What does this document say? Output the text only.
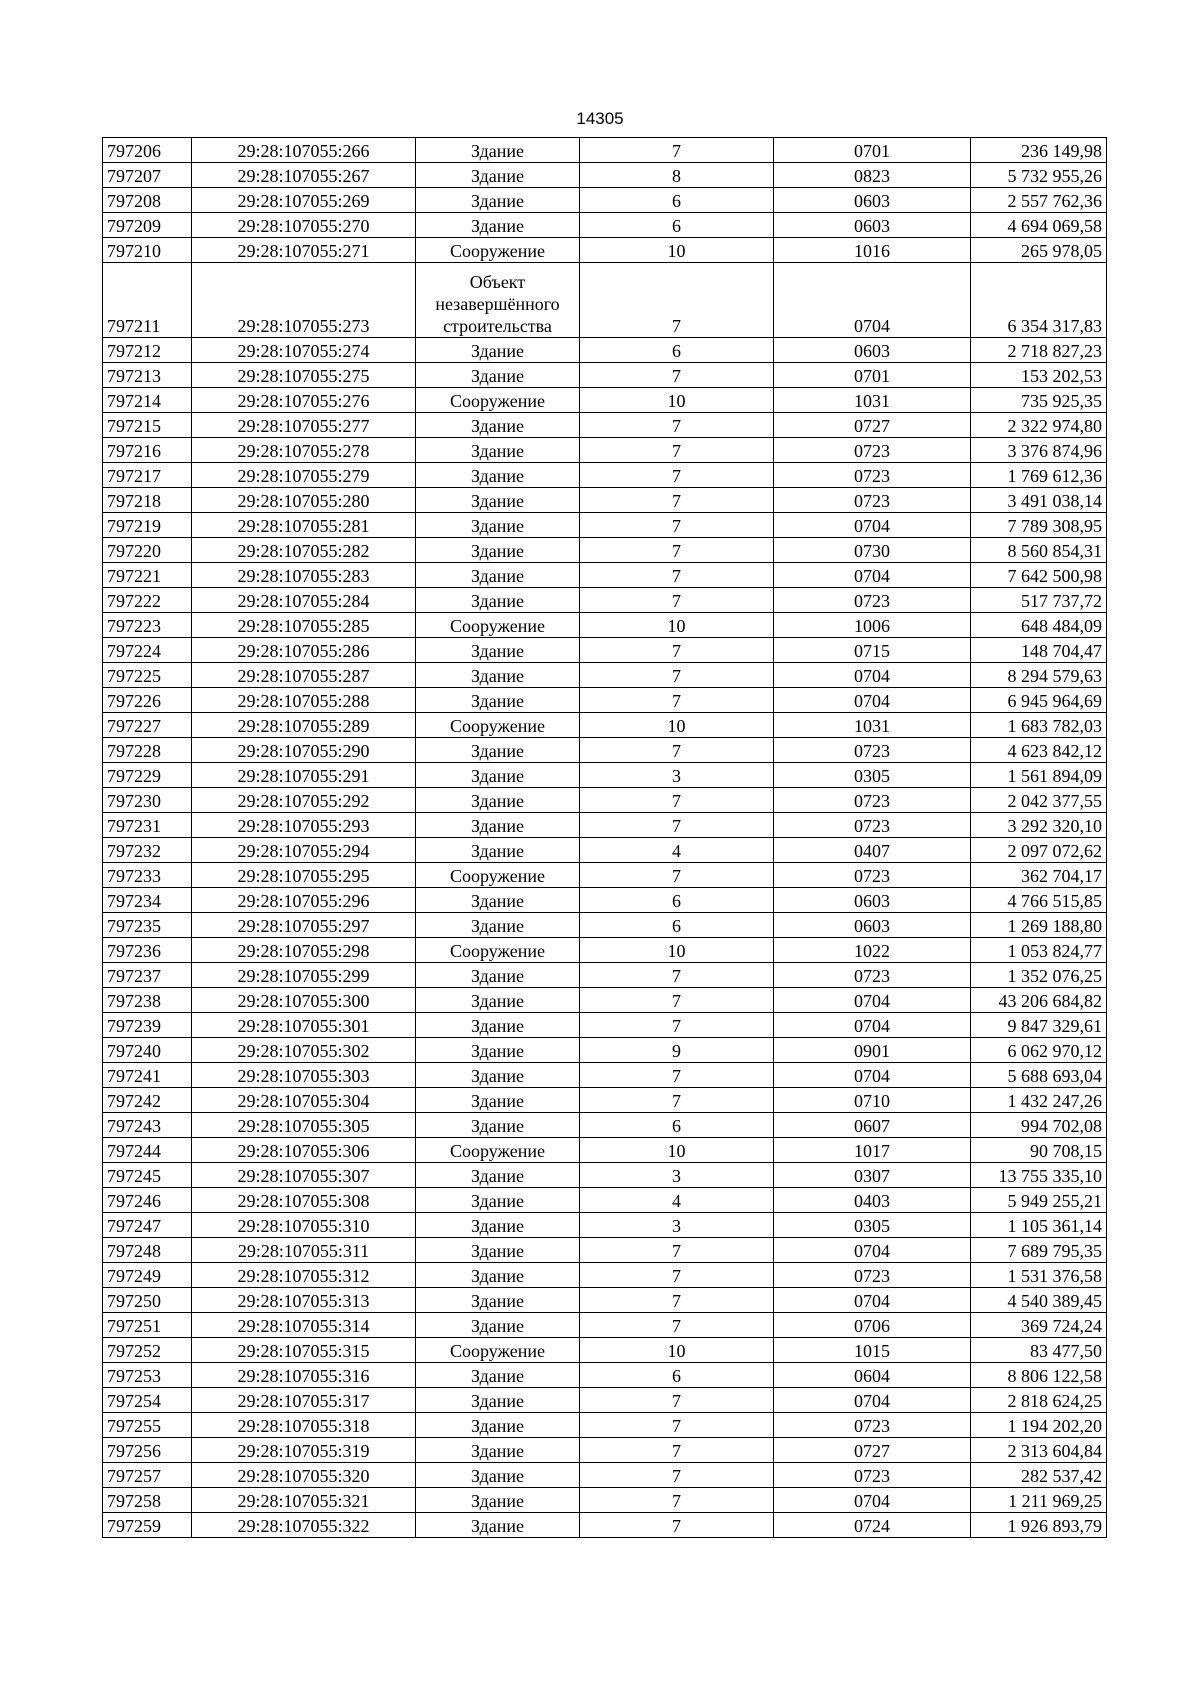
14305
797206	29:28:107055:266	Здание	7	0701	236 149,98
797207	29:28:107055:267	Здание	8	0823	5 732 955,26
797208	29:28:107055:269	Здание	6	0603	2 557 762,36
797209	29:28:107055:270	Здание	6	0603	4 694 069,58
797210	29:28:107055:271	Сооружение	10	1016	265 978,05
797211	29:28:107055:273	Объект незавершённого строительства	7	0704	6 354 317,83
797212	29:28:107055:274	Здание	6	0603	2 718 827,23
797213	29:28:107055:275	Здание	7	0701	153 202,53
797214	29:28:107055:276	Сооружение	10	1031	735 925,35
797215	29:28:107055:277	Здание	7	0727	2 322 974,80
797216	29:28:107055:278	Здание	7	0723	3 376 874,96
797217	29:28:107055:279	Здание	7	0723	1 769 612,36
797218	29:28:107055:280	Здание	7	0723	3 491 038,14
797219	29:28:107055:281	Здание	7	0704	7 789 308,95
797220	29:28:107055:282	Здание	7	0730	8 560 854,31
797221	29:28:107055:283	Здание	7	0704	7 642 500,98
797222	29:28:107055:284	Здание	7	0723	517 737,72
797223	29:28:107055:285	Сооружение	10	1006	648 484,09
797224	29:28:107055:286	Здание	7	0715	148 704,47
797225	29:28:107055:287	Здание	7	0704	8 294 579,63
797226	29:28:107055:288	Здание	7	0704	6 945 964,69
797227	29:28:107055:289	Сооружение	10	1031	1 683 782,03
797228	29:28:107055:290	Здание	7	0723	4 623 842,12
797229	29:28:107055:291	Здание	3	0305	1 561 894,09
797230	29:28:107055:292	Здание	7	0723	2 042 377,55
797231	29:28:107055:293	Здание	7	0723	3 292 320,10
797232	29:28:107055:294	Здание	4	0407	2 097 072,62
797233	29:28:107055:295	Сооружение	7	0723	362 704,17
797234	29:28:107055:296	Здание	6	0603	4 766 515,85
797235	29:28:107055:297	Здание	6	0603	1 269 188,80
797236	29:28:107055:298	Сооружение	10	1022	1 053 824,77
797237	29:28:107055:299	Здание	7	0723	1 352 076,25
797238	29:28:107055:300	Здание	7	0704	43 206 684,82
797239	29:28:107055:301	Здание	7	0704	9 847 329,61
797240	29:28:107055:302	Здание	9	0901	6 062 970,12
797241	29:28:107055:303	Здание	7	0704	5 688 693,04
797242	29:28:107055:304	Здание	7	0710	1 432 247,26
797243	29:28:107055:305	Здание	6	0607	994 702,08
797244	29:28:107055:306	Сооружение	10	1017	90 708,15
797245	29:28:107055:307	Здание	3	0307	13 755 335,10
797246	29:28:107055:308	Здание	4	0403	5 949 255,21
797247	29:28:107055:310	Здание	3	0305	1 105 361,14
797248	29:28:107055:311	Здание	7	0704	7 689 795,35
797249	29:28:107055:312	Здание	7	0723	1 531 376,58
797250	29:28:107055:313	Здание	7	0704	4 540 389,45
797251	29:28:107055:314	Здание	7	0706	369 724,24
797252	29:28:107055:315	Сооружение	10	1015	83 477,50
797253	29:28:107055:316	Здание	6	0604	8 806 122,58
797254	29:28:107055:317	Здание	7	0704	2 818 624,25
797255	29:28:107055:318	Здание	7	0723	1 194 202,20
797256	29:28:107055:319	Здание	7	0727	2 313 604,84
797257	29:28:107055:320	Здание	7	0723	282 537,42
797258	29:28:107055:321	Здание	7	0704	1 211 969,25
797259	29:28:107055:322	Здание	7	0724	1 926 893,79
